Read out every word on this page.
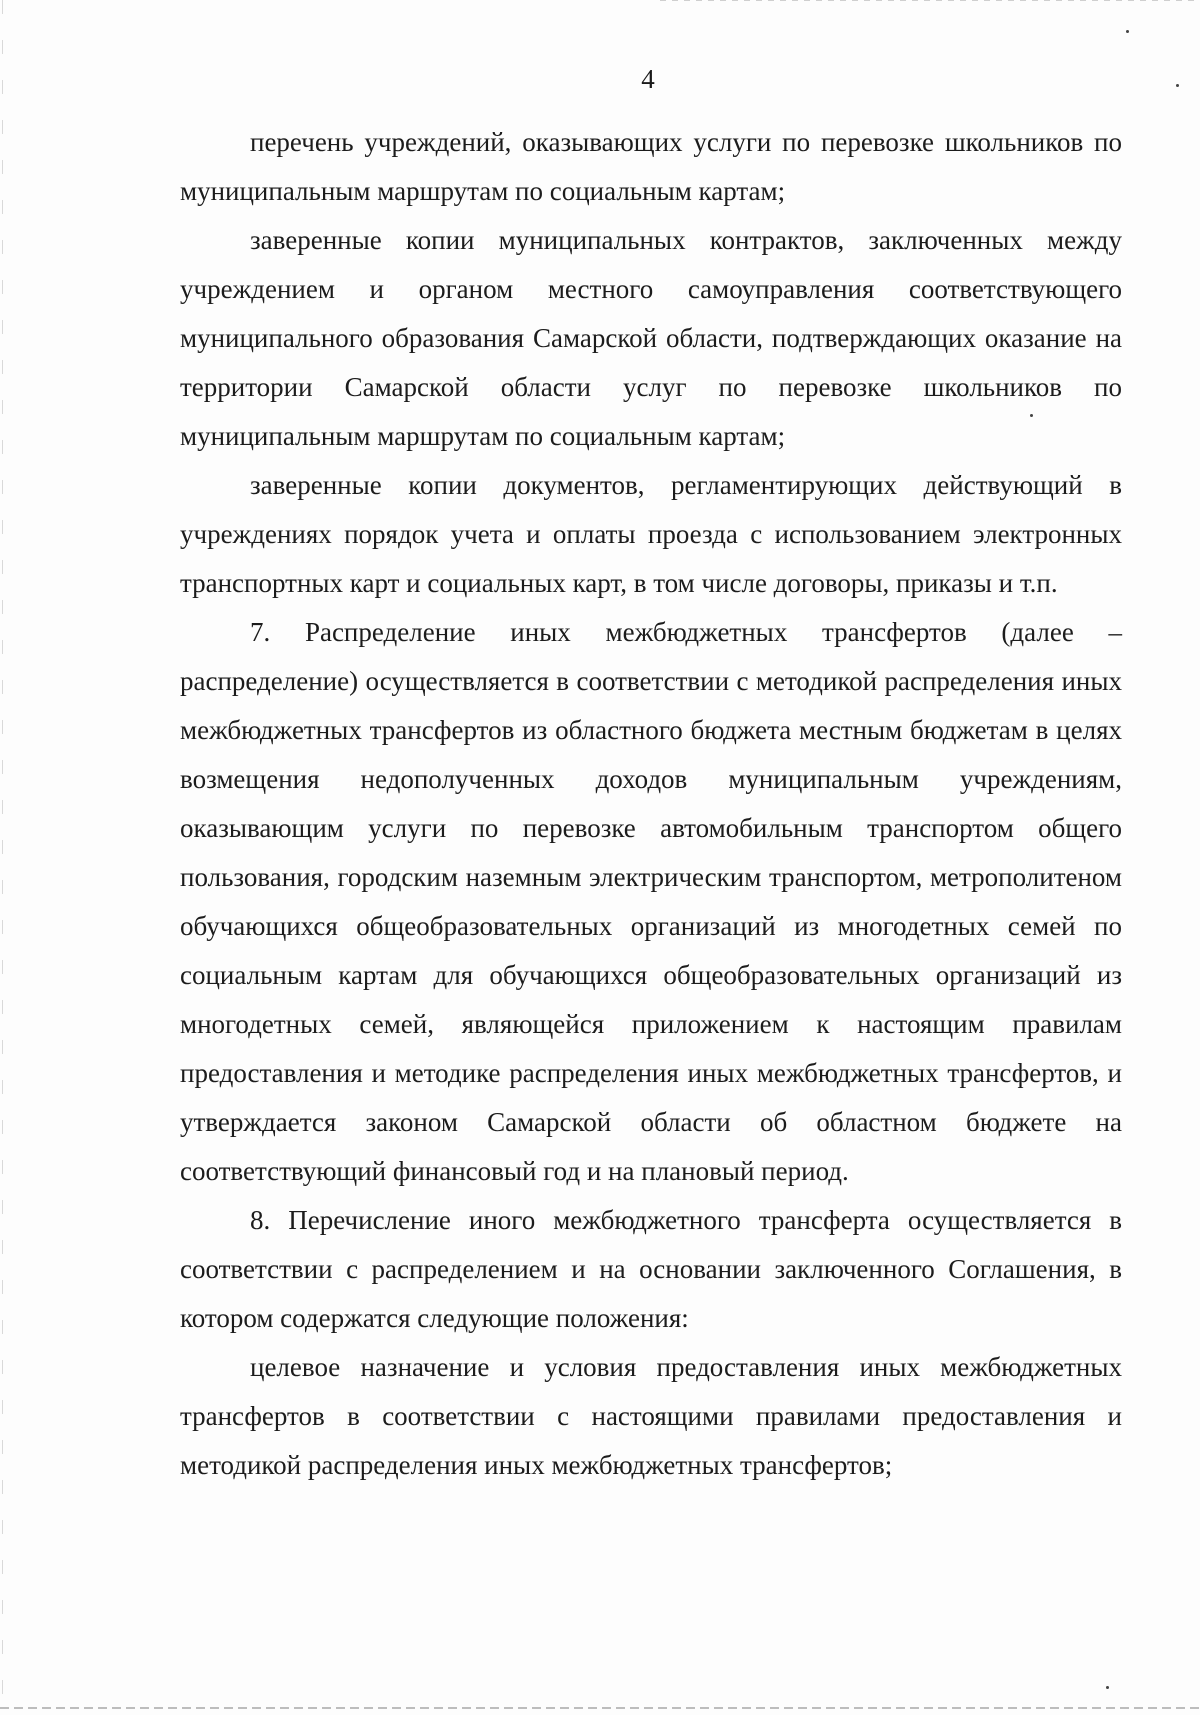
4

перечень учреждений, оказывающих услуги по перевозке школьников по муниципальным маршрутам по социальным картам;

заверенные копии муниципальных контрактов, заключенных между учреждением и органом местного самоуправления соответствующего муниципального образования Самарской области, подтверждающих оказание на территории Самарской области услуг по перевозке школьников по муниципальным маршрутам по социальным картам;

заверенные копии документов, регламентирующих действующий в учреждениях порядок учета и оплаты проезда с использованием электронных транспортных карт и социальных карт, в том числе договоры, приказы и т.п.

7. Распределение иных межбюджетных трансфертов (далее – распределение) осуществляется в соответствии с методикой распределения иных межбюджетных трансфертов из областного бюджета местным бюджетам в целях возмещения недополученных доходов муниципальным учреждениям, оказывающим услуги по перевозке автомобильным транспортом общего пользования, городским наземным электрическим транспортом, метрополитеном обучающихся общеобразовательных организаций из многодетных семей по социальным картам для обучающихся общеобразовательных организаций из многодетных семей, являющейся приложением к настоящим правилам предоставления и методике распределения иных межбюджетных трансфертов, и утверждается законом Самарской области об областном бюджете на соответствующий финансовый год и на плановый период.

8. Перечисление иного межбюджетного трансферта осуществляется в соответствии с распределением и на основании заключенного Соглашения, в котором содержатся следующие положения:

целевое назначение и условия предоставления иных межбюджетных трансфертов в соответствии с настоящими правилами предоставления и методикой распределения иных межбюджетных трансфертов;
